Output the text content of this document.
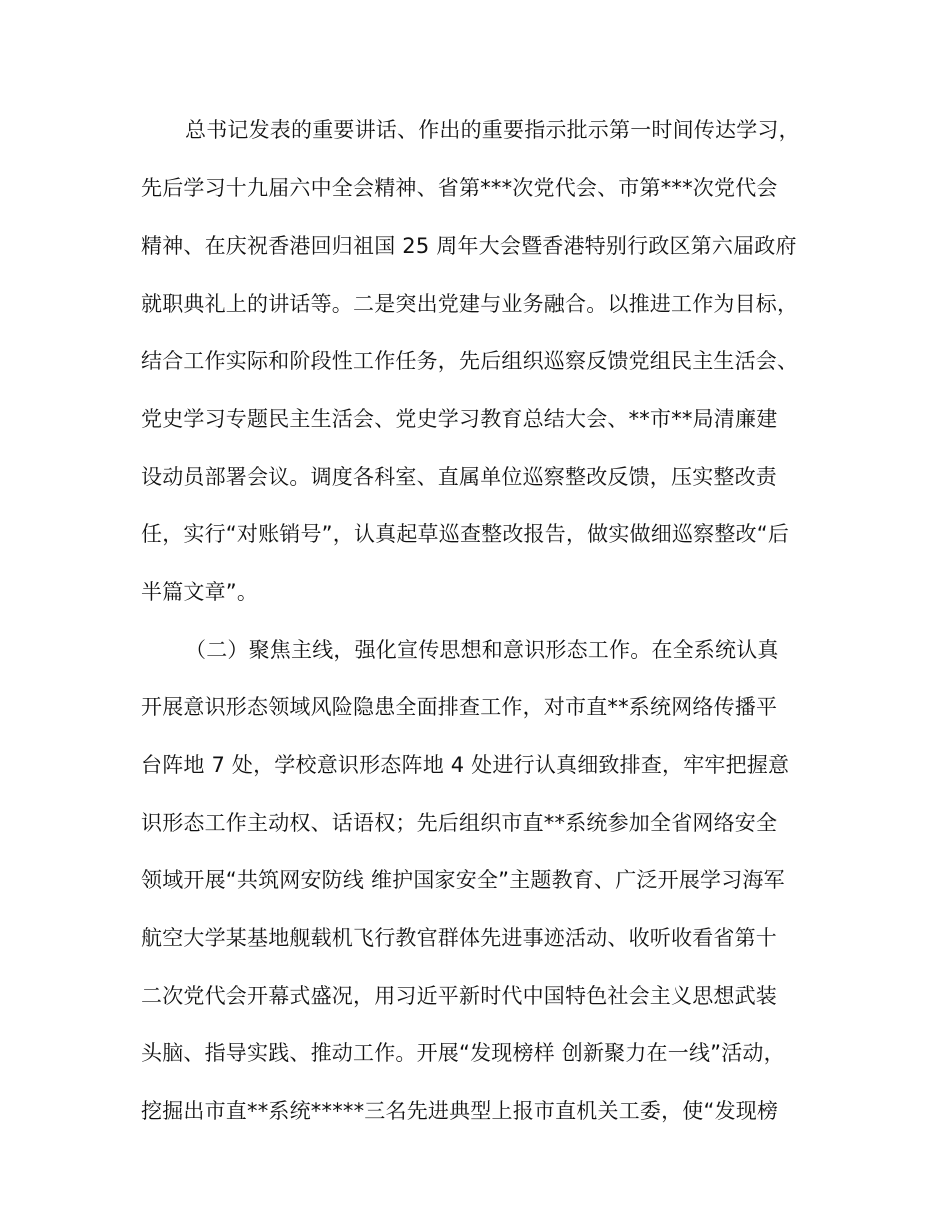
总书记发表的重要讲话、作出的重要指示批示第一时间传达学习，
先后学习十九届六中全会精神、省第***次党代会、市第***次党代会
精神、在庆祝香港回归祖国 25 周年大会暨香港特别行政区第六届政府
就职典礼上的讲话等。二是突出党建与业务融合。以推进工作为目标，
结合工作实际和阶段性工作任务，先后组织巡察反馈党组民主生活会、
党史学习专题民主生活会、党史学习教育总结大会、**市**局清廉建
设动员部署会议。调度各科室、直属单位巡察整改反馈，压实整改责
任，实行“对账销号”，认真起草巡查整改报告，做实做细巡察整改“后
半篇文章”。
（二）聚焦主线，强化宣传思想和意识形态工作。在全系统认真
开展意识形态领域风险隐患全面排查工作，对市直**系统网络传播平
台阵地 7 处，学校意识形态阵地 4 处进行认真细致排查，牢牢把握意
识形态工作主动权、话语权；先后组织市直**系统参加全省网络安全
领域开展“共筑网安防线 维护国家安全”主题教育、广泛开展学习海军
航空大学某基地舰载机飞行教官群体先进事迹活动、收听收看省第十
二次党代会开幕式盛况，用习近平新时代中国特色社会主义思想武装
头脑、指导实践、推动工作。开展“发现榜样 创新聚力在一线”活动，
挖掘出市直**系统*****三名先进典型上报市直机关工委，使“发现榜
